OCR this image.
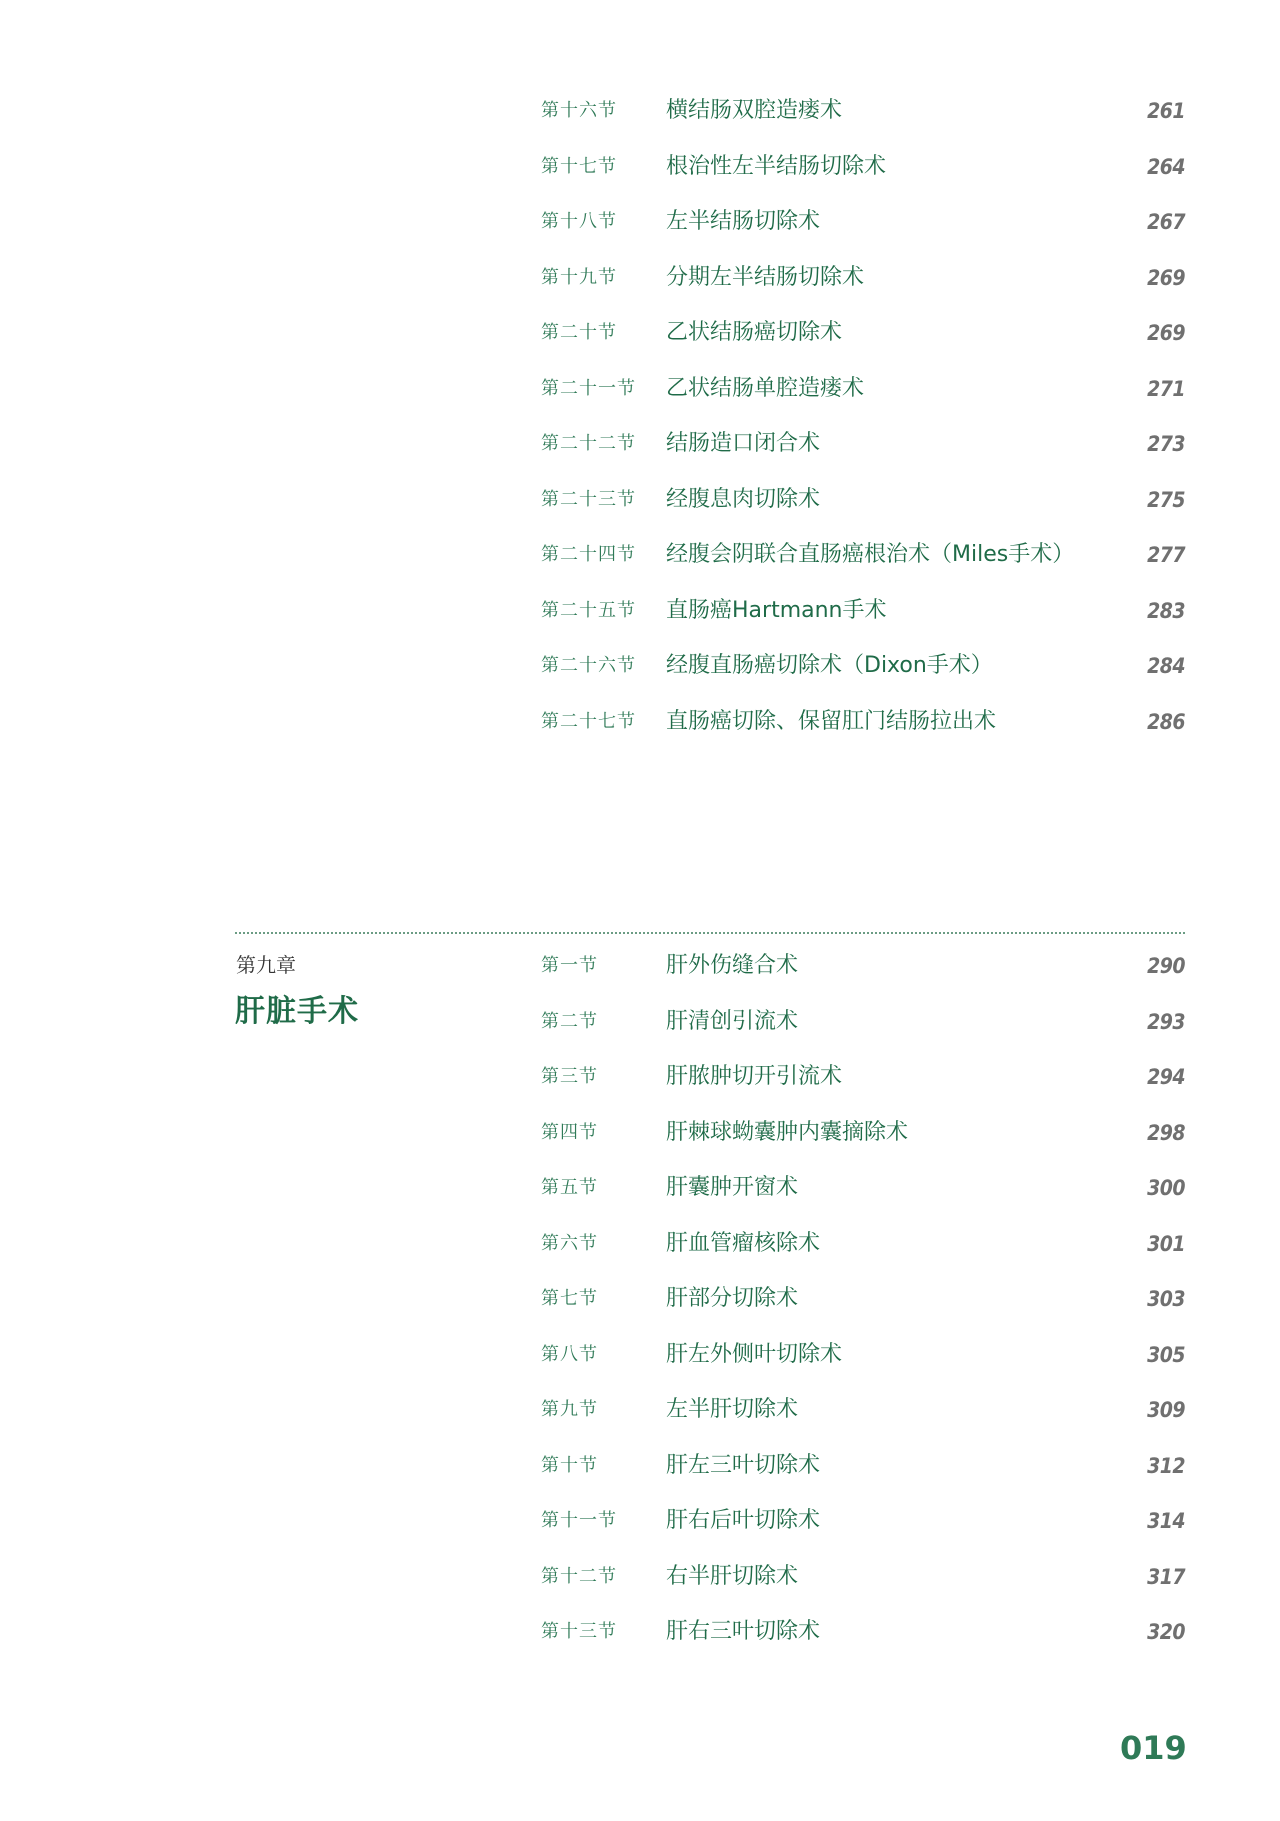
第十六节 横结肠双腔造瘘术	261
第十七节 根治性左半结肠切除术	264
第十八节 左半结肠切除术	267
第十九节 分期左半结肠切除术	269
第二十节 乙状结肠癌切除术	269
第二十一节 乙状结肠单腔造瘘术	271
第二十二节 结肠造口闭合术	273
第二十三节 经腹息肉切除术	275
第二十四节 经腹会阴联合直肠癌根治术（Miles手术）	277
第二十五节 直肠癌Hartmann手术	283
第二十六节 经腹直肠癌切除术（Dixon手术）	284
第二十七节 直肠癌切除、保留肛门结肠拉出术	286
第九章
肝脏手术
第一节	肝外伤缝合术	290
第二节	肝清创引流术	293
第三节	肝脓肿切开引流术	294
第四节	肝棘球蚴囊肿内囊摘除术	298
第五节	肝囊肿开窗术	300
第六节	肝血管瘤核除术	301
第七节	肝部分切除术	303
第八节	肝左外侧叶切除术	305
第九节	左半肝切除术	309
第十节	肝左三叶切除术	312
第十一节 肝右后叶切除术	314
第十二节 右半肝切除术	317
第十三节 肝右三叶切除术	320
019
